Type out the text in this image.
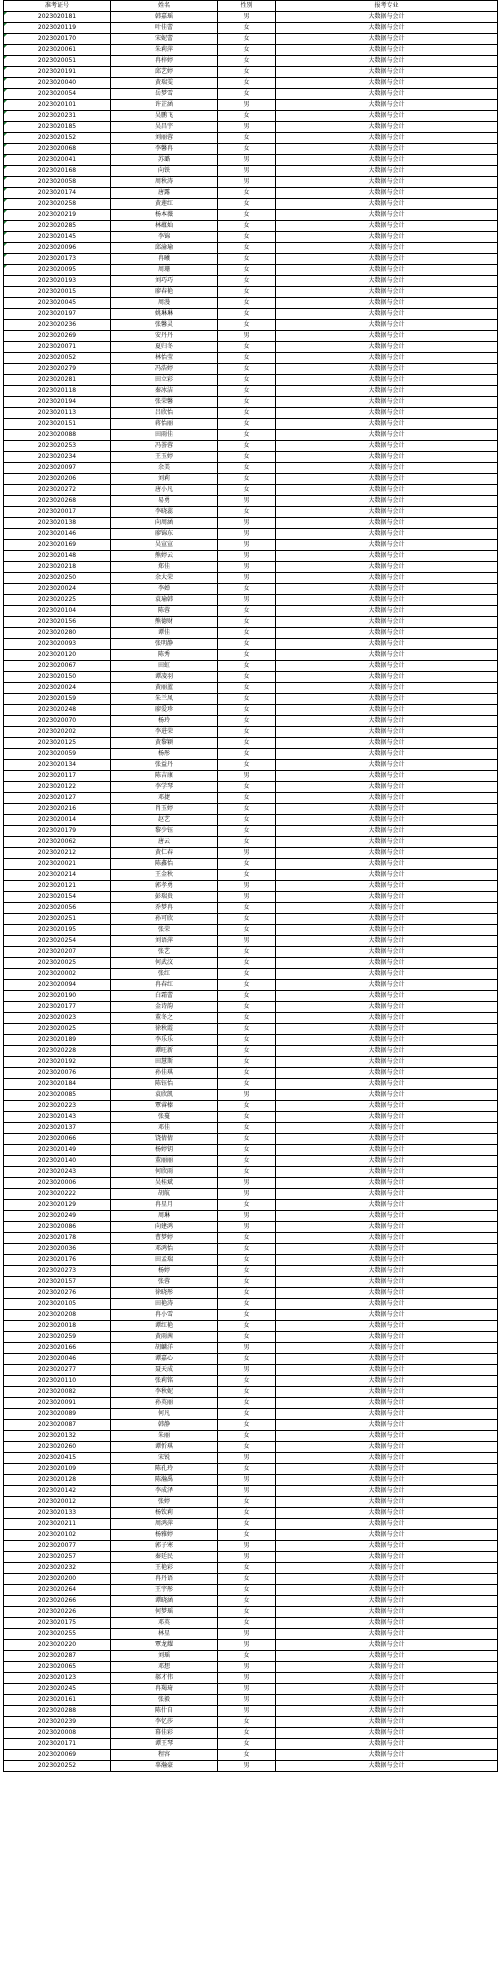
准考证号	姓名	性别	报考专业
2023020181	韩嘉瑶	男	大数据与会计
2023020119	叶佳蕾	女	大数据与会计
2023020170	宋妮蕾	女	大数据与会计
2023020061	朱莉萍	女	大数据与会计
2023020051	冉梓婷	女	大数据与会计
2023020191	邱艺婷	女	大数据与会计
2023020040	黄瑞雯	女	大数据与会计
2023020054	岳梦雪	女	大数据与会计
2023020101	许芷涵	男	大数据与会计
2023020231	吴鹏飞	女	大数据与会计
2023020185	吴昌宇	男	大数据与会计
2023020152	刘丽蓉	女	大数据与会计
2023020068	李馨冉	女	大数据与会计
2023020041	苏璐	男	大数据与会计
2023020168	向铁	男	大数据与会计
2023020058	周秋涛	男	大数据与会计
2023020174	唐露	女	大数据与会计
2023020258	黄莲红	女	大数据与会计
2023020219	杨本薇	女	大数据与会计
2023020285	林蕴灿	女	大数据与会计
2023020145	李锦	女	大数据与会计
2023020096	邱渝瑜	女	大数据与会计
2023020173	冉曦	女	大数据与会计
2023020095	周珊	女	大数据与会计
2023020193	刘巧巧	女	大数据与会计
2023020015	廖春艳	女	大数据与会计
2023020045	周漫	女	大数据与会计
2023020197	姚琳琳	女	大数据与会计
2023020236	张馨灵	女	大数据与会计
2023020269	安丹丹	男	大数据与会计
2023020071	夏归冬	女	大数据与会计
2023020052	林怡莹	女	大数据与会计
2023020279	冯浩婷	女	大数据与会计
2023020281	田立彩	女	大数据与会计
2023020118	秦冰洁	女	大数据与会计
2023020194	张荣馨	女	大数据与会计
2023020113	吕欣怡	女	大数据与会计
2023020151	蒋怡丽	女	大数据与会计
2023020088	田雨佳	女	大数据与会计
2023020253	冯荟蓉	女	大数据与会计
2023020234	王玉婷	女	大数据与会计
2023020097	余美	女	大数据与会计
2023020206	刘莉	女	大数据与会计
2023020272	唐小凡	女	大数据与会计
2023020268	易勇	男	大数据与会计
2023020017	李晓蕊	女	大数据与会计
2023020138	向周涵	男	大数据与会计
2023020146	廖锦东	男	大数据与会计
2023020169	吴宣宣	男	大数据与会计
2023020148	熊婷云	男	大数据与会计
2023020218	郑佳	男	大数据与会计
2023020250	余大荣	男	大数据与会计
2023020024	李婵	女	大数据与会计
2023020225	袁瑜韩	男	大数据与会计
2023020104	陈蓉	女	大数据与会计
2023020156	熊德财	女	大数据与会计
2023020280	谭佳	女	大数据与会计
2023020093	张明静	女	大数据与会计
2023020120	陈秀	女	大数据与会计
2023020067	田虹	女	大数据与会计
2023020150	谭凌羽	女	大数据与会计
2023020024	黄丽蓝	女	大数据与会计
2023020159	朱兰凤	女	大数据与会计
2023020248	廖爱珍	女	大数据与会计
2023020070	杨玲	女	大数据与会计
2023020202	李进荣	女	大数据与会计
2023020125	黄黎颖	女	大数据与会计
2023020059	杨彤	女	大数据与会计
2023020134	张益丹	女	大数据与会计
2023020117	陈吉康	男	大数据与会计
2023020122	李学琴	女	大数据与会计
2023020127	邓捷	女	大数据与会计
2023020216	肖玉婷	女	大数据与会计
2023020014	赵艺	女	大数据与会计
2023020179	黎少钰	女	大数据与会计
2023020062	唐云	女	大数据与会计
2023020212	黄仁春	男	大数据与会计
2023020021	陈鑫怡	女	大数据与会计
2023020214	王金秋	女	大数据与会计
2023020121	郭孝勇	男	大数据与会计
2023020154	彭瑞贵	男	大数据与会计
2023020056	乔梦冉	女	大数据与会计
2023020251	孙可欣	女	大数据与会计
2023020195	张荣	女	大数据与会计
2023020254	刘语萍	男	大数据与会计
2023020207	张艺	女	大数据与会计
2023020025	何武汶	女	大数据与会计
2023020002	张红	女	大数据与会计
2023020094	冉春红	女	大数据与会计
2023020190	白霜蕾	女	大数据与会计
2023020177	金诗韵	女	大数据与会计
2023020023	董冬之	女	大数据与会计
2023020025	徐秋霞	女	大数据与会计
2023020189	李乐乐	女	大数据与会计
2023020228	谭旺新	女	大数据与会计
2023020192	田慧斯	女	大数据与会计
2023020076	孙佳琪	女	大数据与会计
2023020184	陈钰怡	女	大数据与会计
2023020085	袁欣凯	男	大数据与会计
2023020223	覃睿榛	女	大数据与会计
2023020143	张蔓	女	大数据与会计
2023020137	邓佳	女	大数据与会计
2023020066	饶倩倩	女	大数据与会计
2023020149	杨婷钥	女	大数据与会计
2023020140	董丽丽	女	大数据与会计
2023020243	何欣雨	女	大数据与会计
2023020006	吴桂斌	男	大数据与会计
2023020222	胡航	男	大数据与会计
2023020129	冉星月	女	大数据与会计
2023020249	周琳	男	大数据与会计
2023020086	向建鸿	男	大数据与会计
2023020178	曹梦婷	女	大数据与会计
2023020036	邓鸿怡	女	大数据与会计
2023020176	田孟瑞	女	大数据与会计
2023020273	杨婷	女	大数据与会计
2023020157	张蓉	女	大数据与会计
2023020276	徐晓彤	女	大数据与会计
2023020105	田艳涛	女	大数据与会计
2023020208	冉小雪	女	大数据与会计
2023020018	谭红艳	女	大数据与会计
2023020259	黄雨茜	女	大数据与会计
2023020166	胡麟洋	男	大数据与会计
2023020046	谭嘉心	女	大数据与会计
2023020277	聂天成	男	大数据与会计
2023020110	张莉铭	女	大数据与会计
2023020082	李秋妮	女	大数据与会计
2023020091	孙英丽	女	大数据与会计
2023020089	何凡	女	大数据与会计
2023020087	韩静	女	大数据与会计
2023020132	朱丽	女	大数据与会计
2023020260	谭忻琪	女	大数据与会计
2023020415	宋锐	男	大数据与会计
2023020109	陈孔玲	女	大数据与会计
2023020128	陈瀚禹	男	大数据与会计
2023020142	李成泽	男	大数据与会计
2023020012	张婷	女	大数据与会计
2023020133	杨钦莉	女	大数据与会计
2023020211	周鸿萍	女	大数据与会计
2023020102	杨雅婷	女	大数据与会计
2023020077	郭子寒	男	大数据与会计
2023020257	秦廷民	男	大数据与会计
2023020232	王艳彩	女	大数据与会计
2023020200	冉丹语	女	大数据与会计
2023020264	王宇彤	女	大数据与会计
2023020266	谭晓涵	女	大数据与会计
2023020226	何梦瑶	女	大数据与会计
2023020175	邓英	女	大数据与会计
2023020255	林星	男	大数据与会计
2023020220	覃龙耀	男	大数据与会计
2023020287	刘瑶	女	大数据与会计
2023020065	邓想	男	大数据与会计
2023020123	郝才伟	男	大数据与会计
2023020245	冉羯琦	男	大数据与会计
2023020161	张毅	男	大数据与会计
2023020288	陈什自	男	大数据与会计
2023020239	李忆莎	女	大数据与会计
2023020008	幕佳彩	女	大数据与会计
2023020171	谭王琴	女	大数据与会计
2023020069	程容	女	大数据与会计
2023020252	辜瀚豪	男	大数据与会计
